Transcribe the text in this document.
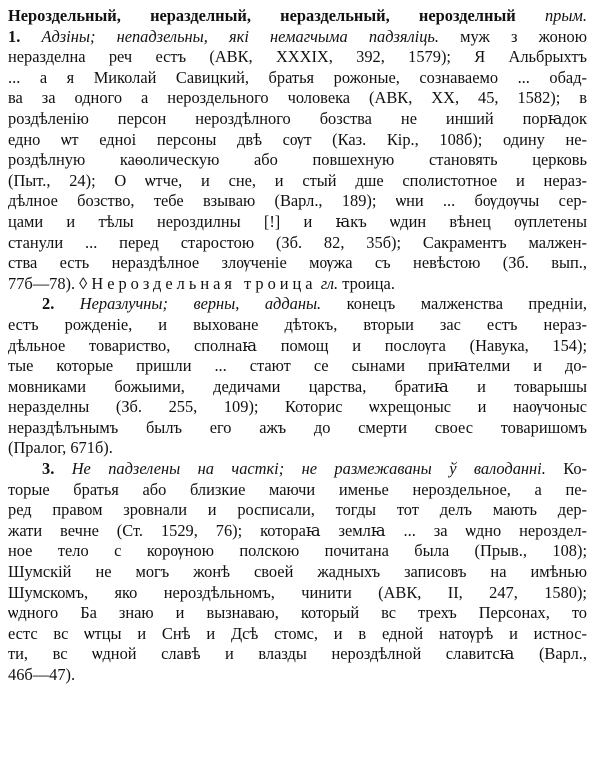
Нероздельный, неразделный, нераздельный, нерозделный прым.
1. Адзіны; непадзельны, які немагчыма падзяліць. муж з жоною
неразделна реч естъ (АВК, XXXIX, 392, 1579); Я Альбрыхтъ
... а я Миколай Савицкий, братья рожоные, сознаваемо ... обад-
ва за одного а нероздельного чоловека (АВК, XX, 45, 1582); в
роздѣленію персон нероздѣлного бозства не инший порꙗдок
едно ѡт едноі персоны двѣ сѹт (Каз. Кір., 108б); одину не-
роздѣлную каѳолическую або повшехную становять церковь
(Пыт., 24); О ѡтче, и сне, и стый дше сполистотное и нераз-
дѣлное бозство, тебе взываю (Варл., 189); ѡни ... бѹдѹчы сер-
цами и тѣлы нероздилны [!] и ꙗкъ ѡдин вѣнец ѹплетены
станули ... перед старостою (Зб. 82, 35б); Сакраментъ малжен-
ства есть нераздѣлное злѹченіе мѹжа съ невѣстою (Зб. вып.,
77б—78). ◊ Нероздельная троица гл. троица.
2. Неразлучны; верны, адданы. конецъ малженства предніи,
естъ рожденіе, и выховане дѣтокъ, вторыи зас естъ нераз-
дѣльное товариство, сполнаꙗ помощ и послѹга (Навука, 154);
тые которые пришли ... стают се сынами приꙗтелми и до-
мовниками божыими, дедичами царства, братиꙗ и товарышы
неразделны (Зб. 255, 109); Которис ѡхрещоныс и наѹчоныс
нераздѣлънымъ былъ его ажъ до смерти своес товаришомъ
(Пралог, 671б).
3. Не падзелены на часткі; не размежаваны ў валоданні. Ко-
торые братья або близкие маючи именье нероздельное, а пе-
ред правом зровнали и росписали, тогды тот делъ мають дер-
жати вечне (Ст. 1529, 76); котораꙗ землꙗ ... за ѡдно нероздел-
ное тело с корѹною полскою почитана была (Прыв., 108);
Шумскій не могъ жонѣ своей жадныхъ записовъ на имѣнью
Шумскомъ, яко нероздѣльномъ, чинити (АВК, II, 247, 1580);
ѡдного Ба знаю и вызнаваю, который вс трехъ Персонах, то
естс вс ѡтцы и Снѣ и Дсѣ стомс, и в едной натѹрѣ и истнос-
ти, вс ѡдной славѣ и влазды нероздѣлной славитсꙗ (Варл.,
46б—47).
